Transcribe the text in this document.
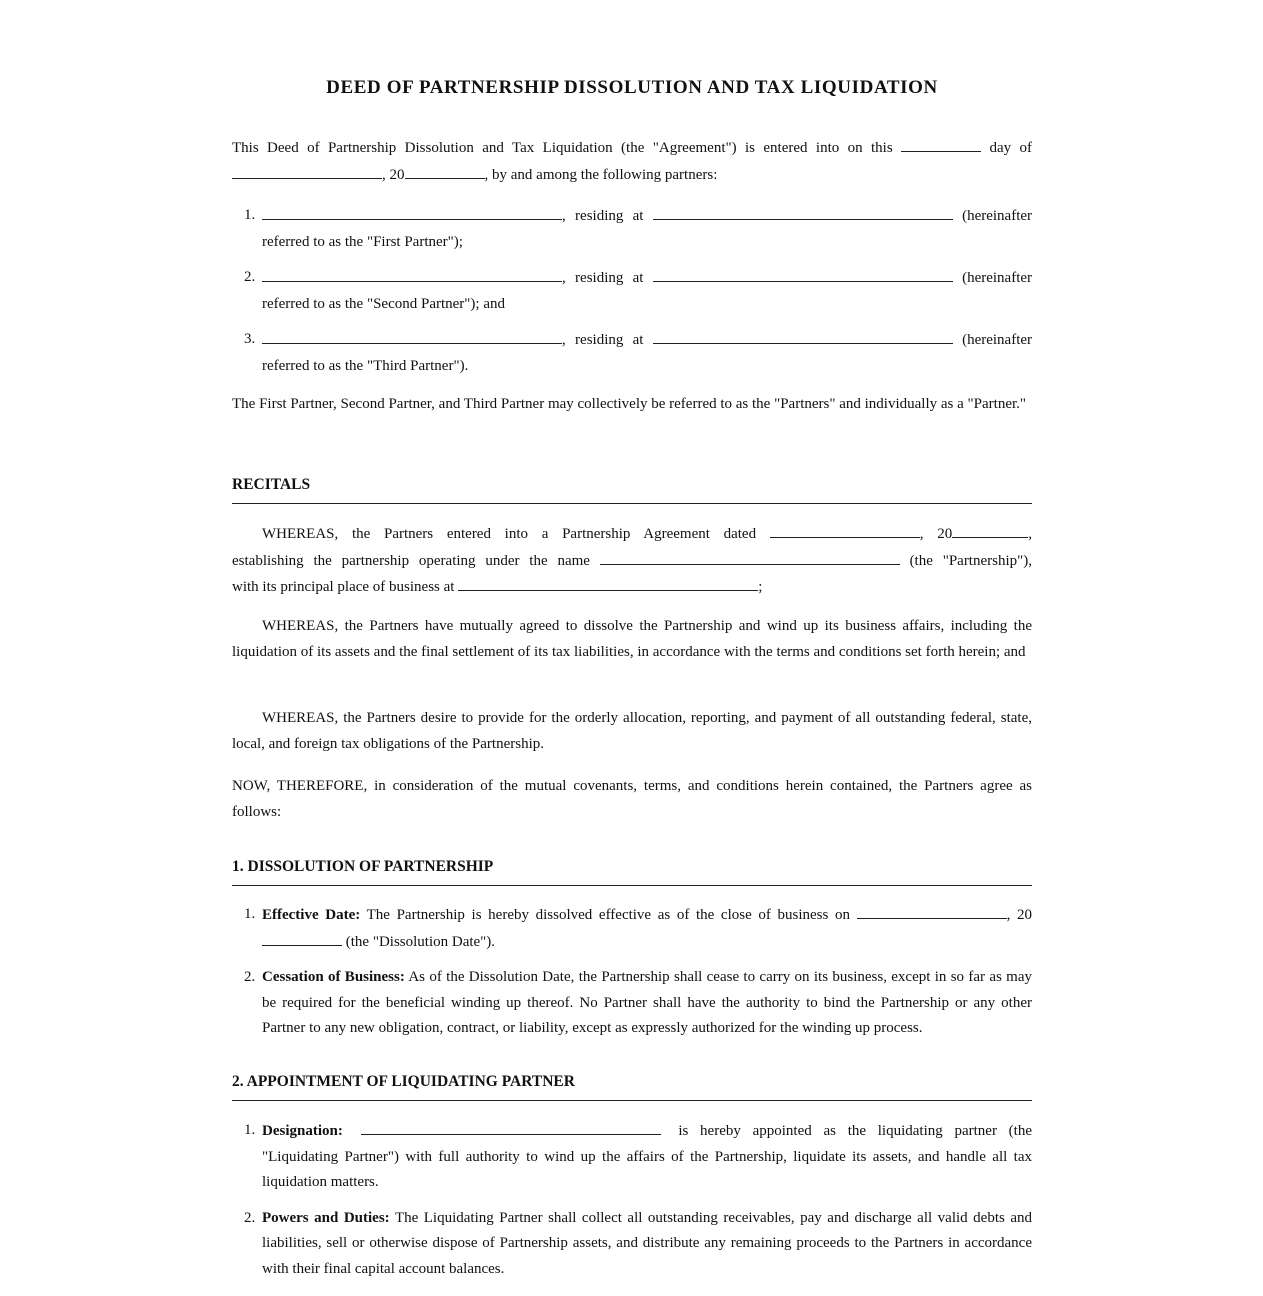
DEED OF PARTNERSHIP DISSOLUTION AND TAX LIQUIDATION

This Deed of Partnership Dissolution and Tax Liquidation (the "Agreement") is entered into on this	day of

, 20	, by and among the following partners:

1.	, residing at	(hereinafter

referred to as the "First Partner");

2.	, residing at	(hereinafter

referred to as the "Second Partner"); and

3.	, residing at	(hereinafter

referred to as the "Third Partner").

The First Partner, Second Partner, and Third Partner may collectively be referred to as the "Partners" and individually as a "Partner."

RECITALS

WHEREAS, the Partners entered into a Partnership Agreement dated	, 20	,

establishing the partnership operating under the name	(the "Partnership"),

with its principal place of business at	;

WHEREAS, the Partners have mutually agreed to dissolve the Partnership and wind up its business affairs, including the liquidation of its assets and the final settlement of its tax liabilities, in accordance with the terms and conditions set forth herein; and

WHEREAS, the Partners desire to provide for the orderly allocation, reporting, and payment of all outstanding federal, state, local, and foreign tax obligations of the Partnership.

NOW, THEREFORE, in consideration of the mutual covenants, terms, and conditions herein contained, the Partners agree as follows:

1. DISSOLUTION OF PARTNERSHIP
1. Effective Date: The Partnership is hereby dissolved effective as of the close of business on	, 20

(the "Dissolution Date").

2. Cessation of Business: As of the Dissolution Date, the Partnership shall cease to carry on its business, except in so far as may be required for the beneficial winding up thereof. No Partner shall have the authority to bind the Partnership or any other Partner to any new obligation, contract, or liability, except as expressly authorized for the winding up process.

2. APPOINTMENT OF LIQUIDATING PARTNER
1. Designation:	is hereby appointed as the liquidating partner (the "Liquidating Partner") with full authority to wind up the affairs of the Partnership, liquidate its assets, and handle all tax liquidation matters.

2. Powers and Duties: The Liquidating Partner shall collect all outstanding receivables, pay and discharge all valid debts and liabilities, sell or otherwise dispose of Partnership assets, and distribute any remaining proceeds to the Partners in accordance with their final capital account balances.
